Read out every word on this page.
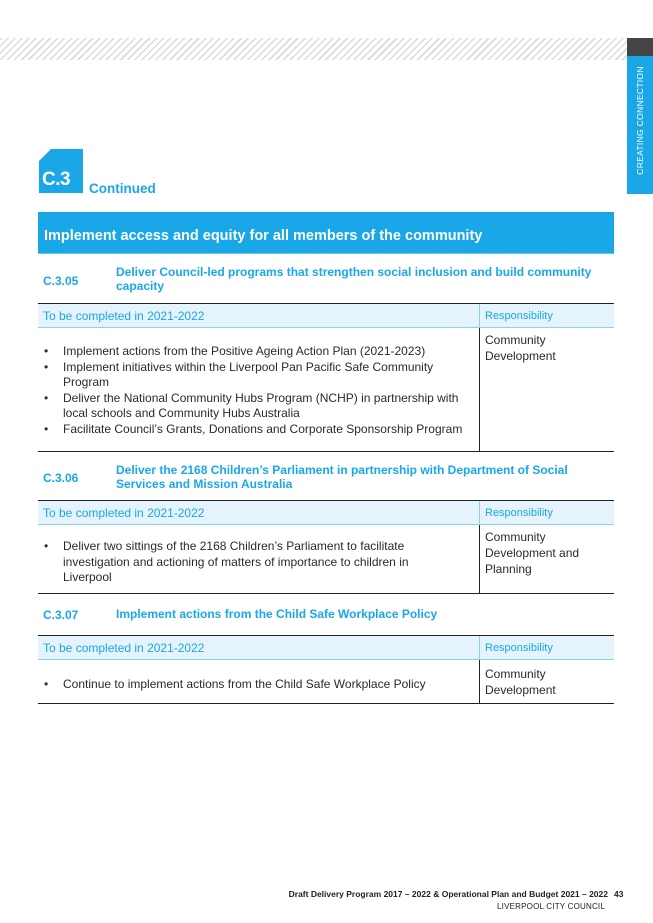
CREATING CONNECTION
C.3 Continued
Implement access and equity for all members of the community
C.3.05
Deliver Council-led programs that strengthen social inclusion and build community capacity
To be completed in 2021-2022	Responsibility
• Implement actions from the Positive Ageing Action Plan (2021-2023)
• Implement initiatives within the Liverpool Pan Pacific Safe Community Program
• Deliver the National Community Hubs Program (NCHP) in partnership with local schools and Community Hubs Australia
• Facilitate Council’s Grants, Donations and Corporate Sponsorship Program
Community Development
C.3.06
Deliver the 2168 Children’s Parliament in partnership with Department of Social Services and Mission Australia
To be completed in 2021-2022	Responsibility
• Deliver two sittings of the 2168 Children’s Parliament to facilitate investigation and actioning of matters of importance to children in Liverpool
Community Development and Planning
C.3.07	Implement actions from the Child Safe Workplace Policy
To be completed in 2021-2022	Responsibility
• Continue to implement actions from the Child Safe Workplace Policy
Community Development
Draft Delivery Program 2017 – 2022 & Operational Plan and Budget 2021 – 2022 43
LIVERPOOL CITY COUNCIL
